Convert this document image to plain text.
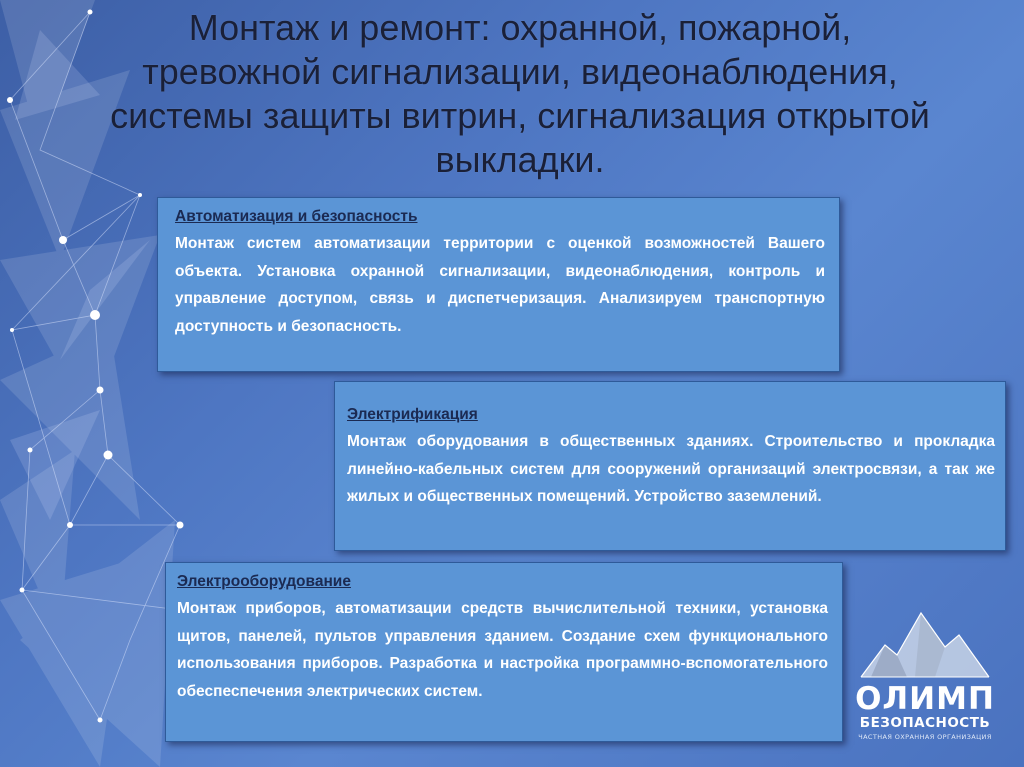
Монтаж и ремонт: охранной, пожарной, тревожной сигнализации, видеонаблюдения, системы защиты витрин, сигнализация открытой выкладки.
Автоматизация и безопасность
Монтаж систем автоматизации территории с оценкой возможностей Вашего объекта. Установка охранной сигнализации, видеонаблюдения, контроль и управление доступом, связь и диспетчеризация. Анализируем транспортную доступность и безопасность.
Электрификация
Монтаж оборудования в общественных зданиях. Строительство и прокладка линейно-кабельных систем для сооружений организаций электросвязи, а так же жилых и общественных помещений. Устройство заземлений.
Электрооборудование
Монтаж приборов, автоматизации средств вычислительной техники, установка щитов, панелей, пультов управления зданием. Создание схем функционального использования приборов. Разработка и настройка программно-вспомогательного обеспеспечения электрических систем.	ОЛИМП
БЕЗОПАСНОСТЬ
ЧАСТНАЯ ОХРАННАЯ ОРГАНИЗАЦИЯ
